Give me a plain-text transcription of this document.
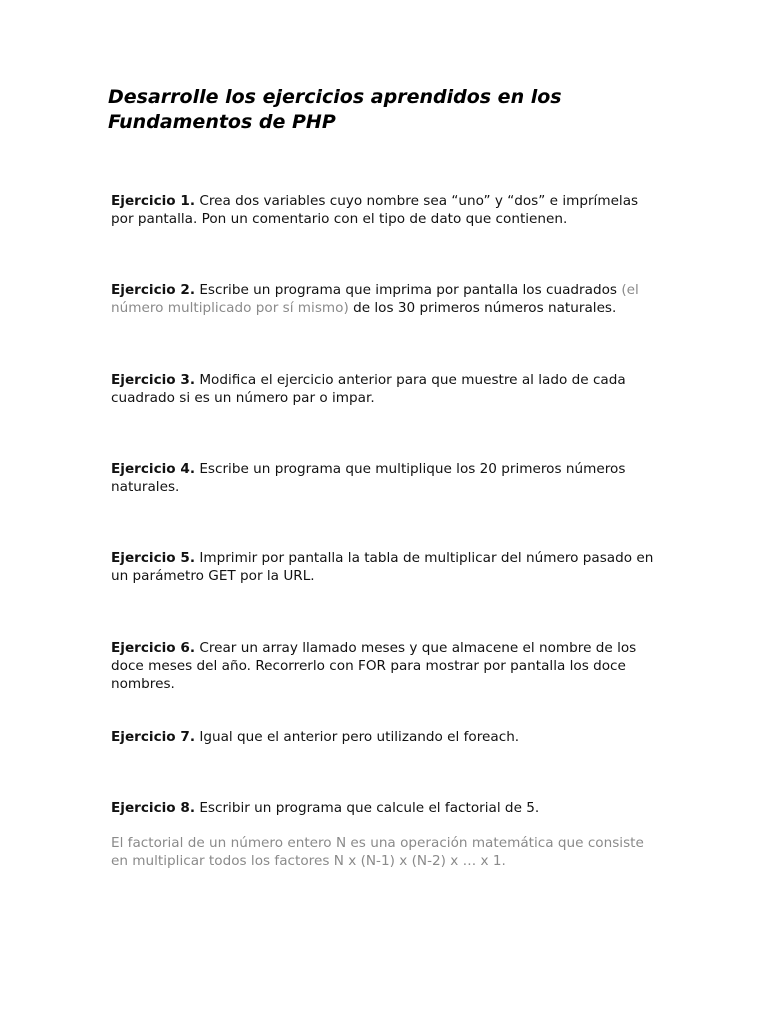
Desarrolle los ejercicios aprendidos en los Fundamentos de PHP

Ejercicio 1. Crea dos variables cuyo nombre sea “uno” y “dos” e imprímelas por pantalla. Pon un comentario con el tipo de dato que contienen.

Ejercicio 2. Escribe un programa que imprima por pantalla los cuadrados (el número multiplicado por sí mismo) de los 30 primeros números naturales.

Ejercicio 3. Modifica el ejercicio anterior para que muestre al lado de cada cuadrado si es un número par o impar.

Ejercicio 4. Escribe un programa que multiplique los 20 primeros números naturales.

Ejercicio 5. Imprimir por pantalla la tabla de multiplicar del número pasado en un parámetro GET por la URL.

Ejercicio 6. Crear un array llamado meses y que almacene el nombre de los doce meses del año. Recorrerlo con FOR para mostrar por pantalla los doce nombres.

Ejercicio 7. Igual que el anterior pero utilizando el foreach.

Ejercicio 8. Escribir un programa que calcule el factorial de 5.

El factorial de un número entero N es una operación matemática que consiste en multiplicar todos los factores N x (N-1) x (N-2) x … x 1.
